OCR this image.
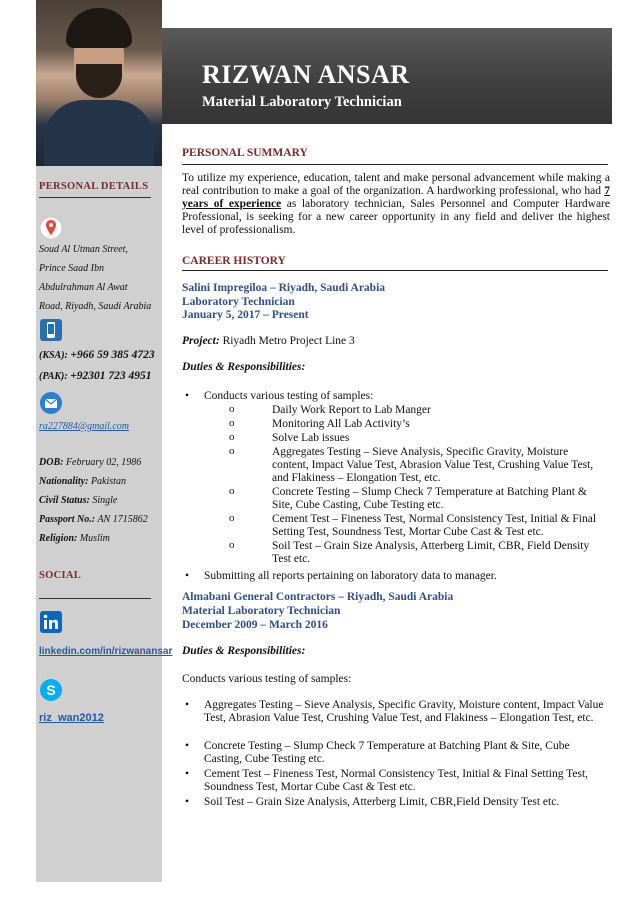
PERSONAL DETAILS
Soud Al Utman Street,
Prince Saad Ibn
Abdulrahman Al Awat
Road, Riyadh, Saudi Arabia
(KSA): +966 59 385 4723
(PAK): +92301 723 4951
ra227884@gmail.com
DOB: February 02, 1986
Nationality: Pakistan
Civil Status: Single
Passport No.: AN 1715862
Religion: Muslim
SOCIAL
linkedin.com/in/rizwanansar
S
riz_wan2012
RIZWAN ANSAR
Material Laboratory Technician
PERSONAL SUMMARY
To utilize my experience, education, talent and make personal advancement while making a real contribution to make a goal of the organization. A hardworking professional, who had 7 years of experience as laboratory technician, Sales Personnel and Computer Hardware Professional, is seeking for a new career opportunity in any field and deliver the highest level of professionalism.
CAREER HISTORY
Salini Impregiloa – Riyadh, Saudi Arabia
Laboratory Technician
January 5, 2017 – Present
Project: Riyadh Metro Project Line 3
Duties & Responsibilities:
• Conducts various testing of samples:
o Daily Work Report to Lab Manger
o Monitoring All Lab Activity’s
o Solve Lab issues
o Aggregates Testing – Sieve Analysis, Specific Gravity, Moisture content, Impact Value Test, Abrasion Value Test, Crushing Value Test, and Flakiness – Elongation Test, etc.
o Concrete Testing – Slump Check 7 Temperature at Batching Plant & Site, Cube Casting, Cube Testing etc.
o Cement Test – Fineness Test, Normal Consistency Test, Initial & Final Setting Test, Soundness Test, Mortar Cube Cast & Test etc.
o Soil Test – Grain Size Analysis, Atterberg Limit, CBR, Field Density Test etc.
• Submitting all reports pertaining on laboratory data to manager.
Almabani General Contractors – Riyadh, Saudi Arabia
Material Laboratory Technician
December 2009 – March 2016
Duties & Responsibilities:
Conducts various testing of samples:
• Aggregates Testing – Sieve Analysis, Specific Gravity, Moisture content, Impact Value Test, Abrasion Value Test, Crushing Value Test, and Flakiness – Elongation Test, etc.
• Concrete Testing – Slump Check 7 Temperature at Batching Plant & Site, Cube Casting, Cube Testing etc.
• Cement Test – Fineness Test, Normal Consistency Test, Initial & Final Setting Test, Soundness Test, Mortar Cube Cast & Test etc.
• Soil Test – Grain Size Analysis, Atterberg Limit, CBR,Field Density Test etc.
